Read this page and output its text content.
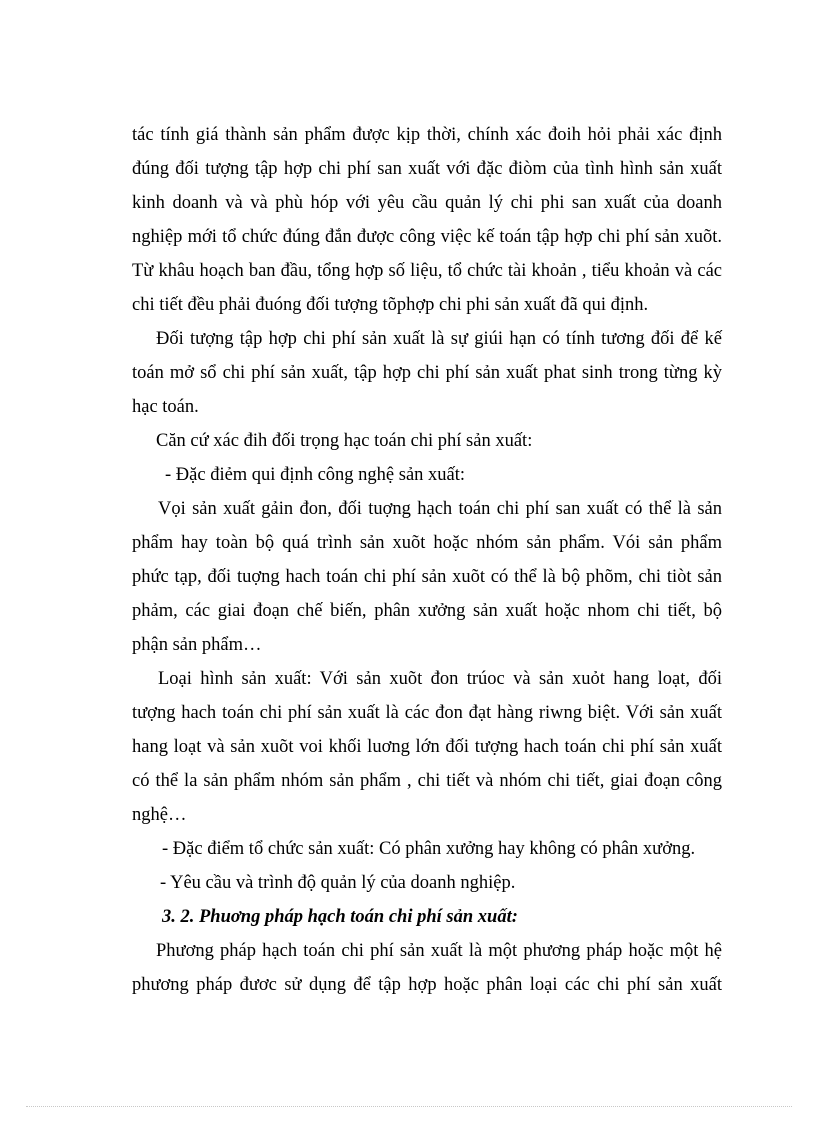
tác tính giá thành sản phẩm được kịp thời, chính xác đoih hỏi phải xác định
đúng đối tượng tập hợp chi phí san xuất với đặc điòm của tình hình sản xuất
kinh doanh và và phù hóp với yêu cầu quản lý chi phi san xuất của doanh
nghiệp mới tổ chức đúng đắn được công việc kế toán tập hợp chi phí sản xuõt.
Từ khâu hoạch ban đầu, tổng hợp số liệu, tổ chức tài khoản , tiểu khoản và các
chi tiết đều phải đuóng đối tượng tõphợp chi phi sản xuất đã qui định.
Đối tượng tập hợp chi phí sản xuất là sự giúi hạn có tính tương đối để kế
toán mở sổ chi phí sản xuất, tập hợp chi phí sản xuất phat sinh trong từng kỳ
hạc toán.
Căn cứ xác đih đối trọng hạc toán chi phí sản xuất:
- Đặc điẻm qui định công nghệ sản xuất:
Vọi sản xuất gảin đon, đối tuợng hạch toán chi phí san xuất có thể là sản
phẩm hay toàn bộ quá trình sản xuõt hoặc nhóm sản phẩm. Vói sản phẩm
phức tạp, đối tuợng hach toán chi phí sản xuõt có thể là bộ phõm, chi tiòt sản
phảm, các giai đoạn chế biến, phân xưởng sản xuất hoặc nhom chi tiết, bộ
phận sản phẩm…
Loại hình sản xuất: Với sản xuõt đon trúoc và sản xuỏt hang loạt, đối
tượng hach toán chi phí sản xuất là các đon đạt hàng riwng biệt. Với sản xuất
hang loạt và sản xuõt voi khối luơng lớn đối tượng hach toán chi phí sản xuất
có thể la sản phẩm nhóm sản phẩm , chi tiết và nhóm chi tiết, giai đoạn công
nghệ…
- Đặc điểm tổ chức sản xuất: Có phân xưởng hay không có phân xưởng.
- Yêu cầu và trình độ quản lý của doanh nghiệp.
3. 2. Phuơng pháp hạch toán chi phí sản xuất:
Phương pháp hạch toán chi phí sản xuất là một phương pháp hoặc một hệ
phương pháp đươc sử dụng để tập hợp hoặc phân loại các chi phí sản xuất
